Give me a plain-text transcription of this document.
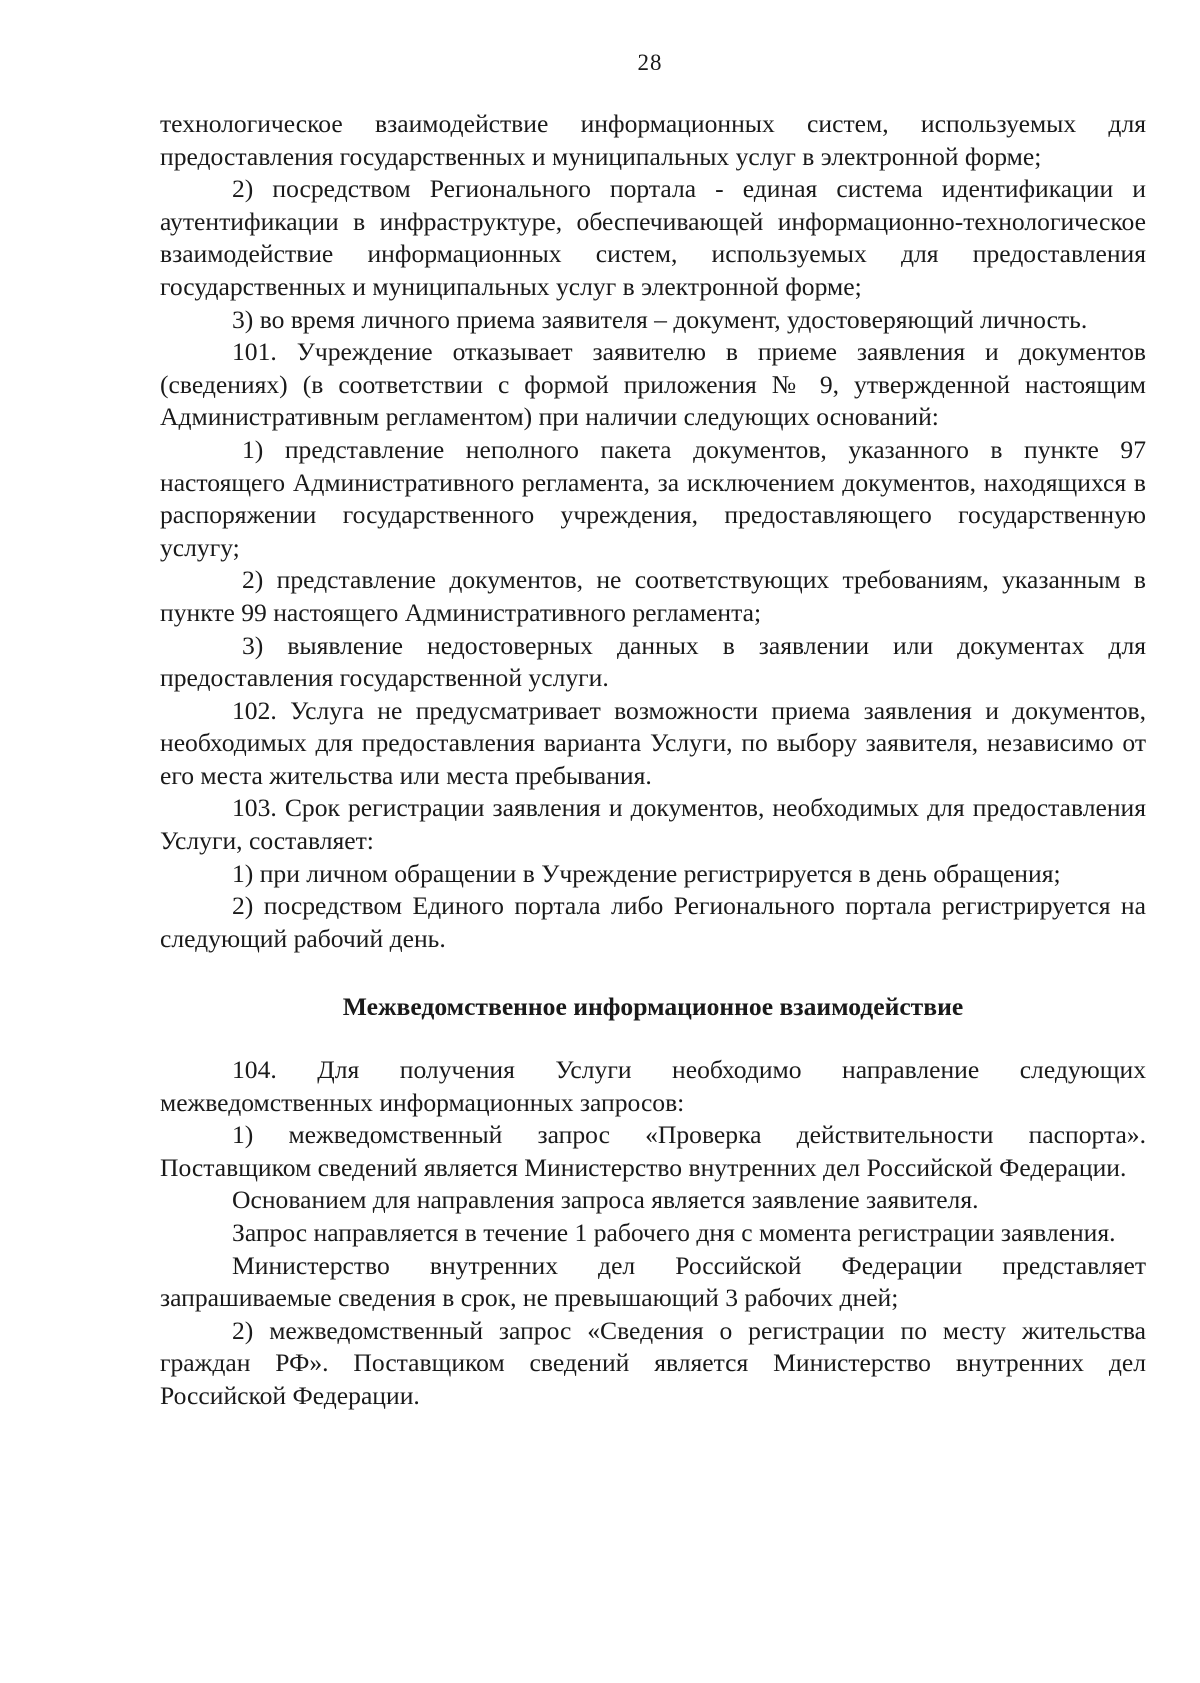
28

технологическое взаимодействие информационных систем, используемых для предоставления государственных и муниципальных услуг в электронной форме;

2) посредством Регионального портала - единая система идентификации и аутентификации в инфраструктуре, обеспечивающей информационно-технологическое взаимодействие информационных систем, используемых для предоставления государственных и муниципальных услуг в электронной форме;

3) во время личного приема заявителя – документ, удостоверяющий личность.

101. Учреждение отказывает заявителю в приеме заявления и документов (сведениях) (в соответствии с формой приложения № 9, утвержденной настоящим Административным регламентом) при наличии следующих оснований:

1) представление неполного пакета документов, указанного в пункте 97 настоящего Административного регламента, за исключением документов, находящихся в распоряжении государственного учреждения, предоставляющего государственную услугу;

2) представление документов, не соответствующих требованиям, указанным в пункте 99 настоящего Административного регламента;

3) выявление недостоверных данных в заявлении или документах для предоставления государственной услуги.

102. Услуга не предусматривает возможности приема заявления и документов, необходимых для предоставления варианта Услуги, по выбору заявителя, независимо от его места жительства или места пребывания.

103. Срок регистрации заявления и документов, необходимых для предоставления Услуги, составляет:

1) при личном обращении в Учреждение регистрируется в день обращения;

2) посредством Единого портала либо Регионального портала регистрируется на следующий рабочий день.

Межведомственное информационное взаимодействие

104. Для получения Услуги необходимо направление следующих межведомственных информационных запросов:

1) межведомственный запрос «Проверка действительности паспорта». Поставщиком сведений является Министерство внутренних дел Российской Федерации.

Основанием для направления запроса является заявление заявителя.

Запрос направляется в течение 1 рабочего дня с момента регистрации заявления.

Министерство внутренних дел Российской Федерации представляет запрашиваемые сведения в срок, не превышающий 3 рабочих дней;

2) межведомственный запрос «Сведения о регистрации по месту жительства граждан РФ». Поставщиком сведений является Министерство внутренних дел Российской Федерации.
